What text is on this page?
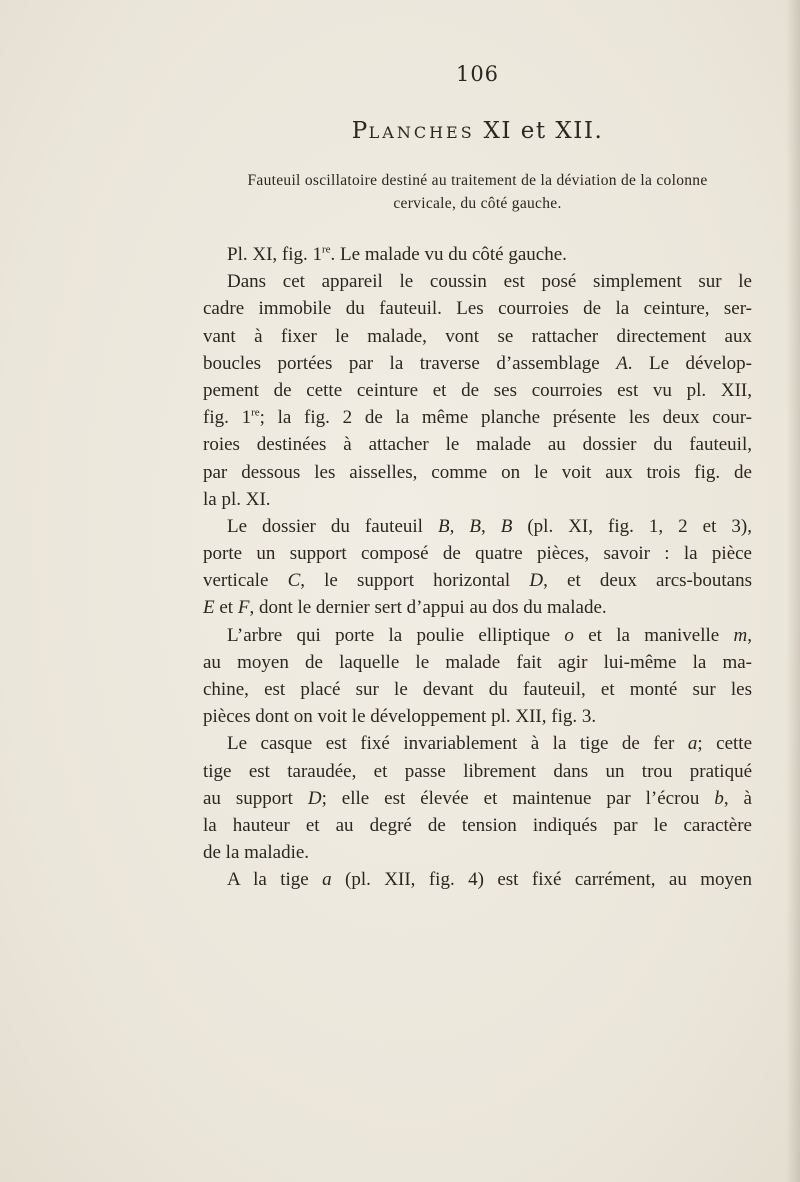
106

PLANCHES XI et XII.

Fauteuil oscillatoire destiné au traitement de la déviation de la colonne
cervicale, du côté gauche.

Pl. XI, fig. 1re. Le malade vu du côté gauche.
Dans cet appareil le coussin est posé simplement sur le
cadre immobile du fauteuil. Les courroies de la ceinture, ser-
vant à fixer le malade, vont se rattacher directement aux
boucles portées par la traverse d’assemblage A. Le dévelop-
pement de cette ceinture et de ses courroies est vu pl. XII,
fig. 1re; la fig. 2 de la même planche présente les deux cour-
roies destinées à attacher le malade au dossier du fauteuil,
par dessous les aisselles, comme on le voit aux trois fig. de
la pl. XI.
Le dossier du fauteuil B, B, B (pl. XI, fig. 1, 2 et 3),
porte un support composé de quatre pièces, savoir : la pièce
verticale C, le support horizontal D, et deux arcs-boutans
E et F, dont le dernier sert d’appui au dos du malade.
L’arbre qui porte la poulie elliptique o et la manivelle m,
au moyen de laquelle le malade fait agir lui-même la ma-
chine, est placé sur le devant du fauteuil, et monté sur les
pièces dont on voit le développement pl. XII, fig. 3.
Le casque est fixé invariablement à la tige de fer a; cette
tige est taraudée, et passe librement dans un trou pratiqué
au support D; elle est élevée et maintenue par l’écrou b, à
la hauteur et au degré de tension indiqués par le caractère
de la maladie.
A la tige a (pl. XII, fig. 4) est fixé carrément, au moyen
